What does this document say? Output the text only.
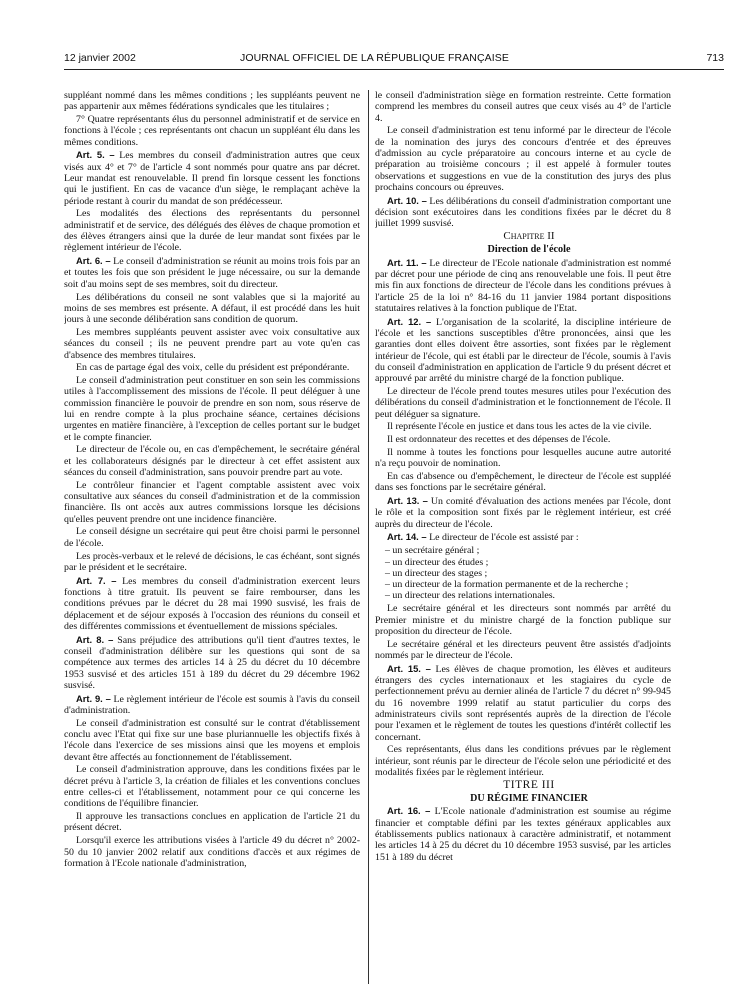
12 janvier 2002	JOURNAL OFFICIEL DE LA RÉPUBLIQUE FRANÇAISE	713

suppléant nommé dans les mêmes conditions ; les suppléants peuvent ne pas appartenir aux mêmes fédérations syndicales que les titulaires ;

7° Quatre représentants élus du personnel administratif et de service en fonctions à l'école ; ces représentants ont chacun un suppléant élu dans les mêmes conditions.

Art. 5. – Les membres du conseil d'administration autres que ceux visés aux 4° et 7° de l'article 4 sont nommés pour quatre ans par décret. Leur mandat est renouvelable. Il prend fin lorsque cessent les fonctions qui le justifient. En cas de vacance d'un siège, le remplaçant achève la période restant à courir du mandat de son prédécesseur.

Les modalités des élections des représentants du personnel administratif et de service, des délégués des élèves de chaque promotion et des élèves étrangers ainsi que la durée de leur mandat sont fixées par le règlement intérieur de l'école.

Art. 6. – Le conseil d'administration se réunit au moins trois fois par an et toutes les fois que son président le juge nécessaire, ou sur la demande soit d'au moins sept de ses membres, soit du directeur.

Les délibérations du conseil ne sont valables que si la majorité au moins de ses membres est présente. A défaut, il est procédé dans les huit jours à une seconde délibération sans condition de quorum.

Les membres suppléants peuvent assister avec voix consultative aux séances du conseil ; ils ne peuvent prendre part au vote qu'en cas d'absence des membres titulaires.

En cas de partage égal des voix, celle du président est prépondérante.

Le conseil d'administration peut constituer en son sein les commissions utiles à l'accomplissement des missions de l'école. Il peut déléguer à une commission financière le pouvoir de prendre en son nom, sous réserve de lui en rendre compte à la plus prochaine séance, certaines décisions urgentes en matière financière, à l'exception de celles portant sur le budget et le compte financier.

Le directeur de l'école ou, en cas d'empêchement, le secrétaire général et les collaborateurs désignés par le directeur à cet effet assistent aux séances du conseil d'administration, sans pouvoir prendre part au vote.

Le contrôleur financier et l'agent comptable assistent avec voix consultative aux séances du conseil d'administration et de la commission financière. Ils ont accès aux autres commissions lorsque les décisions qu'elles peuvent prendre ont une incidence financière.

Le conseil désigne un secrétaire qui peut être choisi parmi le personnel de l'école.

Les procès-verbaux et le relevé de décisions, le cas échéant, sont signés par le président et le secrétaire.

Art. 7. – Les membres du conseil d'administration exercent leurs fonctions à titre gratuit. Ils peuvent se faire rembourser, dans les conditions prévues par le décret du 28 mai 1990 susvisé, les frais de déplacement et de séjour exposés à l'occasion des réunions du conseil et des différentes commissions et éventuellement de missions spéciales.

Art. 8. – Sans préjudice des attributions qu'il tient d'autres textes, le conseil d'administration délibère sur les questions qui sont de sa compétence aux termes des articles 14 à 25 du décret du 10 décembre 1953 susvisé et des articles 151 à 189 du décret du 29 décembre 1962 susvisé.

Art. 9. – Le règlement intérieur de l'école est soumis à l'avis du conseil d'administration.

Le conseil d'administration est consulté sur le contrat d'établissement conclu avec l'Etat qui fixe sur une base pluriannuelle les objectifs fixés à l'école dans l'exercice de ses missions ainsi que les moyens et emplois devant être affectés au fonctionnement de l'établissement.

Le conseil d'administration approuve, dans les conditions fixées par le décret prévu à l'article 3, la création de filiales et les conventions conclues entre celles-ci et l'établissement, notamment pour ce qui concerne les conditions de l'équilibre financier.

Il approuve les transactions conclues en application de l'article 21 du présent décret.

Lorsqu'il exerce les attributions visées à l'article 49 du décret n° 2002-50 du 10 janvier 2002 relatif aux conditions d'accès et aux régimes de formation à l'Ecole nationale d'administration,

le conseil d'administration siège en formation restreinte. Cette formation comprend les membres du conseil autres que ceux visés au 4° de l'article 4.

Le conseil d'administration est tenu informé par le directeur de l'école de la nomination des jurys des concours d'entrée et des épreuves d'admission au cycle préparatoire au concours interne et au cycle de préparation au troisième concours ; il est appelé à formuler toutes observations et suggestions en vue de la constitution des jurys des plus prochains concours ou épreuves.

Art. 10. – Les délibérations du conseil d'administration comportant une décision sont exécutoires dans les conditions fixées par le décret du 8 juillet 1999 susvisé.

Chapitre II

Direction de l'école

Art. 11. – Le directeur de l'Ecole nationale d'administration est nommé par décret pour une période de cinq ans renouvelable une fois. Il peut être mis fin aux fonctions de directeur de l'école dans les conditions prévues à l'article 25 de la loi n° 84-16 du 11 janvier 1984 portant dispositions statutaires relatives à la fonction publique de l'Etat.

Art. 12. – L'organisation de la scolarité, la discipline intérieure de l'école et les sanctions susceptibles d'être prononcées, ainsi que les garanties dont elles doivent être assorties, sont fixées par le règlement intérieur de l'école, qui est établi par le directeur de l'école, soumis à l'avis du conseil d'administration en application de l'article 9 du présent décret et approuvé par arrêté du ministre chargé de la fonction publique.

Le directeur de l'école prend toutes mesures utiles pour l'exécution des délibérations du conseil d'administration et le fonctionnement de l'école. Il peut déléguer sa signature.

Il représente l'école en justice et dans tous les actes de la vie civile.

Il est ordonnateur des recettes et des dépenses de l'école.

Il nomme à toutes les fonctions pour lesquelles aucune autre autorité n'a reçu pouvoir de nomination.

En cas d'absence ou d'empêchement, le directeur de l'école est suppléé dans ses fonctions par le secrétaire général.

Art. 13. – Un comité d'évaluation des actions menées par l'école, dont le rôle et la composition sont fixés par le règlement intérieur, est créé auprès du directeur de l'école.

Art. 14. – Le directeur de l'école est assisté par :

– un secrétaire général ;
– un directeur des études ;
– un directeur des stages ;
– un directeur de la formation permanente et de la recherche ;
– un directeur des relations internationales.

Le secrétaire général et les directeurs sont nommés par arrêté du Premier ministre et du ministre chargé de la fonction publique sur proposition du directeur de l'école.

Le secrétaire général et les directeurs peuvent être assistés d'adjoints nommés par le directeur de l'école.

Art. 15. – Les élèves de chaque promotion, les élèves et auditeurs étrangers des cycles internationaux et les stagiaires du cycle de perfectionnement prévu au dernier alinéa de l'article 7 du décret n° 99-945 du 16 novembre 1999 relatif au statut particulier du corps des administrateurs civils sont représentés auprès de la direction de l'école pour l'examen et le règlement de toutes les questions d'intérêt collectif les concernant.

Ces représentants, élus dans les conditions prévues par le règlement intérieur, sont réunis par le directeur de l'école selon une périodicité et des modalités fixées par le règlement intérieur.

TITRE III

DU RÉGIME FINANCIER

Art. 16. – L'Ecole nationale d'administration est soumise au régime financier et comptable défini par les textes généraux applicables aux établissements publics nationaux à caractère administratif, et notamment les articles 14 à 25 du décret du 10 décembre 1953 susvisé, par les articles 151 à 189 du décret
